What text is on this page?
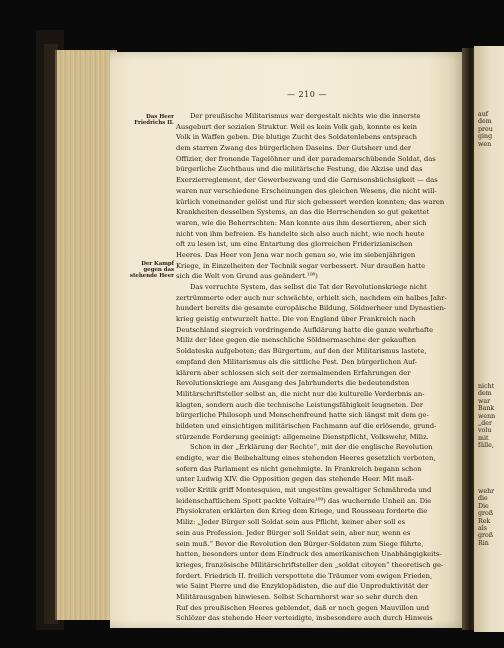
auf
dem
preu
ging
wen
nicht
dem
war
Bank
wenn
„der
volu
mit
fälle,
wehr
die
Die
groß
Rek
als
groß
Rin
— 210 —
Das Heer Friedrichs II.
Der Kampf gegen das stehende Heer
Der preußische Militarismus war dergestalt nichts wie die innerste
Ausgeburt der sozialen Struktur. Weil es kein Volk gab, konnte es kein
Volk in Waffen geben. Die blutige Zucht des Soldatenlebens entsprach
dem starren Zwang des bürgerlichen Daseins. Der Gutsherr und der
Offizier, der fronende Tagelöhner und der parademarschübende Soldat, das
bürgerliche Zuchthaus und die militärische Festung, die Akzise und das
Exerzierreglement, der Gewerbezwang und die Garnisonsbüchsigkeit — das
waren nur verschiedene Erscheinungen des gleichen Wesens, die nicht will-
kürlich voneinander gelöst und für sich gebessert werden konnten; das waren
Krankheiten desselben Systems, an das die Herrschenden so gut gekettet
waren, wie die Beherrschten: Man konnte aus ihm desertieren, aber sich
nicht von ihm befreien. Es handelte sich also auch nicht, wie noch heute
oft zu lesen ist, um eine Entartung des glorreichen Friderizianischen
Heeres. Das Heer von Jena war noch genau so, wie im siebenjährigen
Kriege, in Einzelheiten der Technik sogar verbessert. Nur draußen hatte
sich die Welt von Grund aus geändert.¹⁰⁸)
Das verruchte System, das selbst die Tat der Revolutionskriege nicht
zertrümmerte oder auch nur schwächte, erhielt sich, nachdem ein halbes Jahr-
hundert bereits die gesamte europäische Bildung, Söldnerheer und Dynastien-
krieg geistig entwurzelt hatte. Die von England über Frankreich nach
Deutschland siegreich vordringende Aufklärung hatte die ganze wehrhafte
Miliz der Idee gegen die menschliche Söldnermaschine der gekauften
Soldateska aufgeboten; das Bürgertum, auf den der Militarismus lastete,
empfand den Militarismus als die sittliche Pest. Den bürgerlichen Auf-
klärern aber schlossen sich seit der zermalmenden Erfahrungen der
Revolutionskriege am Ausgang des Jahrhunderts die bedeutendsten
Militärschriftsteller selbst an, die nicht nur die kulturelle Verderbnis an-
klagten, sondern auch die technische Leistungsfähigkeit leugneten. Der
bürgerliche Philosoph und Menschenfreund hatte sich längst mit dem ge-
bildeten und einsichtigen militärischen Fachmann auf die erlösende, grund-
stürzende Forderung geeinigt: allgemeine Dienstpflicht, Volkswehr, Miliz.
Schon in der „Erklärung der Rechte“, mit der die englische Revolution
endigte, war die Beibehaltung eines stehenden Heeres gesetzlich verboten,
sofern das Parlament es nicht genehmigte. In Frankreich begann schon
unter Ludwig XIV. die Opposition gegen das stehende Heer. Mit maß-
voller Kritik griff Montesquieu, mit ungestüm gewaltiger Schmähreda und
leidenschaftlichem Spott packte Voltaire¹⁰⁹) das wuchernde Unheil an. Die
Physiokraten erklärten den Krieg dem Kriege, und Rousseau forderte die
Miliz: „Jeder Bürger soll Soldat sein aus Pflicht, keiner aber soll es
sein aus Profession. Jeder Bürger soll Soldat sein, aber nur, wenn es
sein muß.“ Bevor die Revolution den Bürger-Soldaten zum Siege führte,
hatten, besonders unter dem Eindruck des amerikanischen Unabhängigkeits-
krieges, französische Militärschriftsteller den „soldat citoyen“ theoretisch ge-
fordert. Friedrich II. freilich verspottete die Träumer vom ewigen Frieden,
wie Saint Pierre und die Enzyklopädisten, die auf die Unproduktivität der
Militärausgaben hinwiesen. Selbst Scharnhorst war so sehr durch den
Ruf des preußischen Heeres geblendet, daß er noch gegen Mauvillon und
Schlözer das stehende Heer verteidigte, insbesondere auch durch Hinweis
